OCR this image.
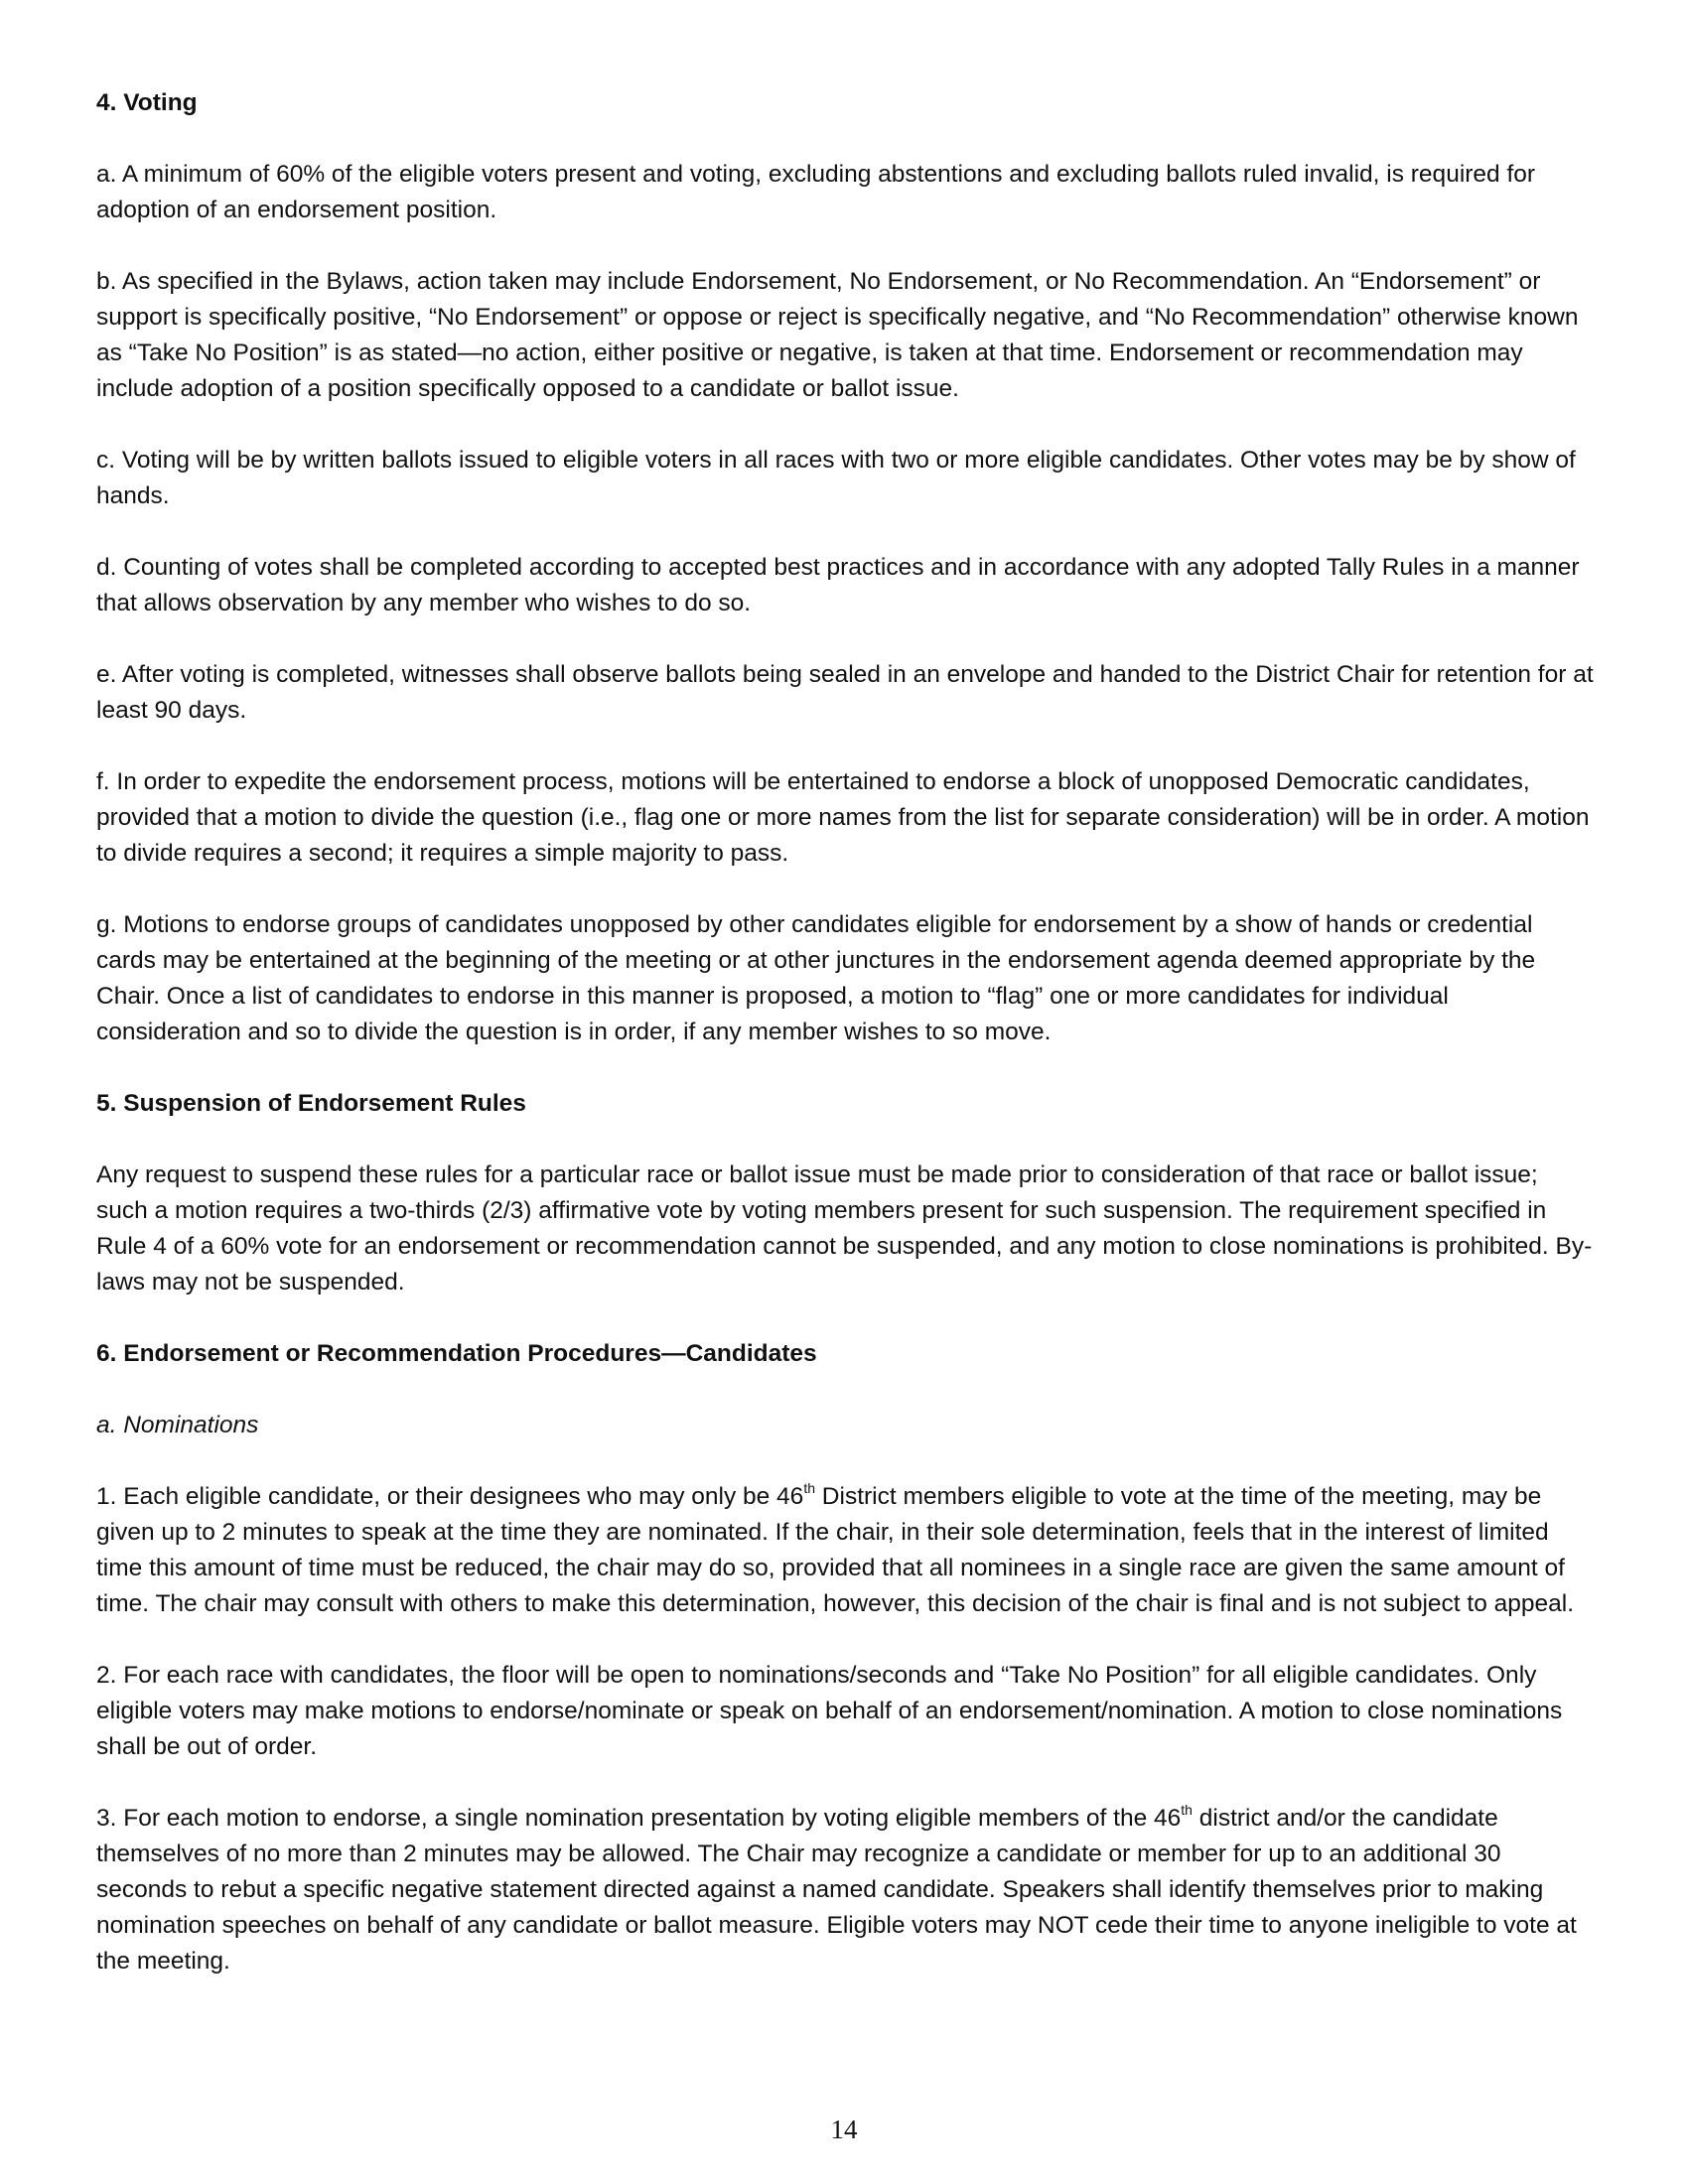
4. Voting

a. A minimum of 60% of the eligible voters present and voting, excluding abstentions and excluding ballots ruled invalid, is required for adoption of an endorsement position.

b. As specified in the Bylaws, action taken may include Endorsement, No Endorsement, or No Recommendation. An “Endorsement” or support is specifically positive, “No Endorsement” or oppose or reject is specifically negative, and “No Recommendation” otherwise known as “Take No Position” is as stated—no action, either positive or negative, is taken at that time. Endorsement or recommendation may include adoption of a position specifically opposed to a candidate or ballot issue.

c. Voting will be by written ballots issued to eligible voters in all races with two or more eligible candidates. Other votes may be by show of hands.

d. Counting of votes shall be completed according to accepted best practices and in accordance with any adopted Tally Rules in a manner that allows observation by any member who wishes to do so.

e. After voting is completed, witnesses shall observe ballots being sealed in an envelope and handed to the District Chair for retention for at least 90 days.

f. In order to expedite the endorsement process, motions will be entertained to endorse a block of unopposed Democratic candidates, provided that a motion to divide the question (i.e., flag one or more names from the list for separate consideration) will be in order. A motion to divide requires a second; it requires a simple majority to pass.

g. Motions to endorse groups of candidates unopposed by other candidates eligible for endorsement by a show of hands or credential cards may be entertained at the beginning of the meeting or at other junctures in the endorsement agenda deemed appropriate by the Chair. Once a list of candidates to endorse in this manner is proposed, a motion to “flag” one or more candidates for individual consideration and so to divide the question is in order, if any member wishes to so move.

5. Suspension of Endorsement Rules

Any request to suspend these rules for a particular race or ballot issue must be made prior to consideration of that race or ballot issue; such a motion requires a two-thirds (2/3) affirmative vote by voting members present for such suspension. The requirement specified in Rule 4 of a 60% vote for an endorsement or recommendation cannot be suspended, and any motion to close nominations is prohibited. By-laws may not be suspended.

6. Endorsement or Recommendation Procedures—Candidates
a. Nominations

1. Each eligible candidate, or their designees who may only be 46th District members eligible to vote at the time of the meeting, may be given up to 2 minutes to speak at the time they are nominated. If the chair, in their sole determination, feels that in the interest of limited time this amount of time must be reduced, the chair may do so, provided that all nominees in a single race are given the same amount of time. The chair may consult with others to make this determination, however, this decision of the chair is final and is not subject to appeal.

2. For each race with candidates, the floor will be open to nominations/seconds and “Take No Position” for all eligible candidates. Only eligible voters may make motions to endorse/nominate or speak on behalf of an endorsement/nomination. A motion to close nominations shall be out of order.

3. For each motion to endorse, a single nomination presentation by voting eligible members of the 46th district and/or the candidate themselves of no more than 2 minutes may be allowed. The Chair may recognize a candidate or member for up to an additional 30 seconds to rebut a specific negative statement directed against a named candidate. Speakers shall identify themselves prior to making nomination speeches on behalf of any candidate or ballot measure. Eligible voters may NOT cede their time to anyone ineligible to vote at the meeting.

14
